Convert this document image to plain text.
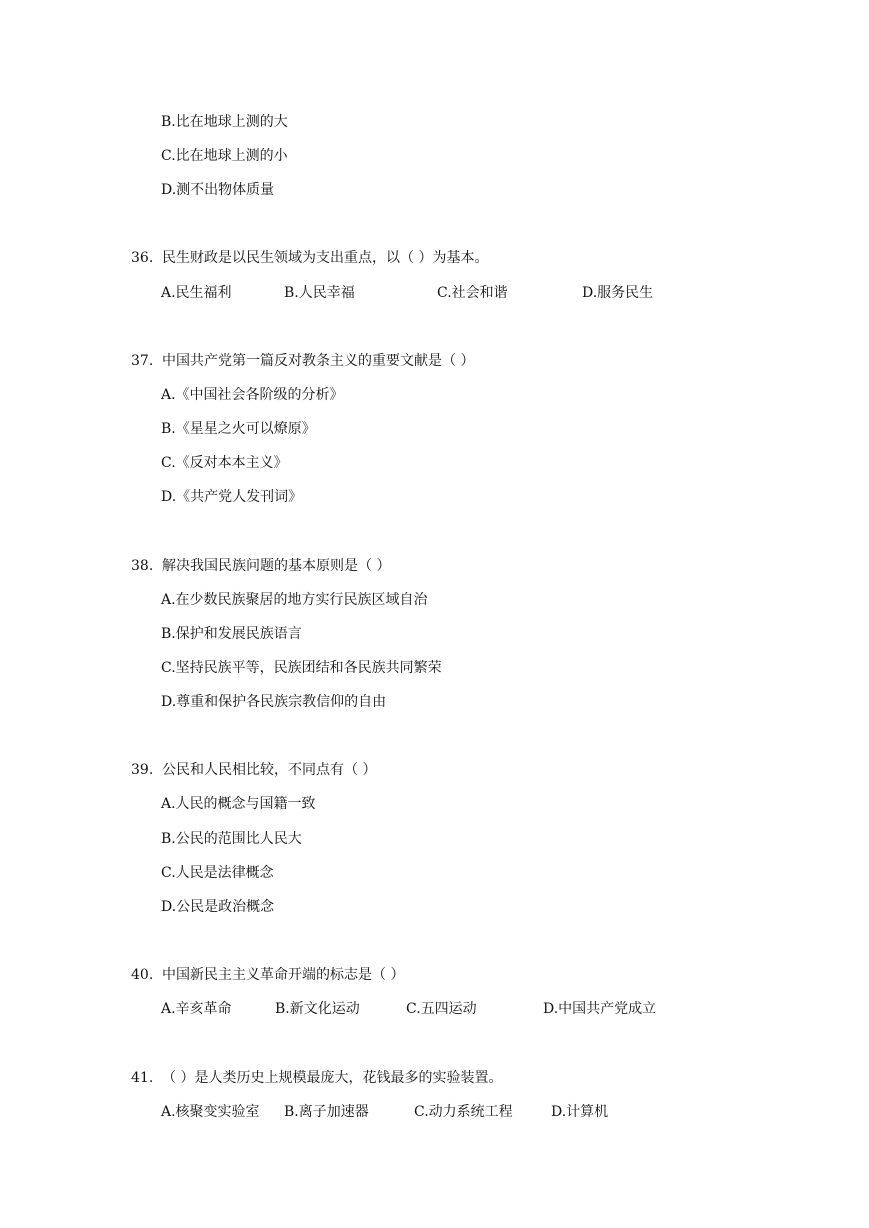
B.比在地球上测的大
C.比在地球上测的小
D.测不出物体质量
36. 民生财政是以民生领域为支出重点，以（ ）为基本。
A.民生福利	B.人民幸福	C.社会和谐	D.服务民生
37. 中国共产党第一篇反对教条主义的重要文献是（ ）
A.《中国社会各阶级的分析》
B.《星星之火可以燎原》
C.《反对本本主义》
D.《共产党人发刊词》
38. 解决我国民族问题的基本原则是（ ）
A.在少数民族聚居的地方实行民族区域自治
B.保护和发展民族语言
C.坚持民族平等，民族团结和各民族共同繁荣
D.尊重和保护各民族宗教信仰的自由
39. 公民和人民相比较，不同点有（ ）
A.人民的概念与国籍一致
B.公民的范围比人民大
C.人民是法律概念
D.公民是政治概念
40. 中国新民主主义革命开端的标志是（ ）
A.辛亥革命	B.新文化运动	C.五四运动	D.中国共产党成立
41. （ ）是人类历史上规模最庞大，花钱最多的实验装置。
A.核聚变实验室 B.离子加速器	C.动力系统工程	D.计算机
